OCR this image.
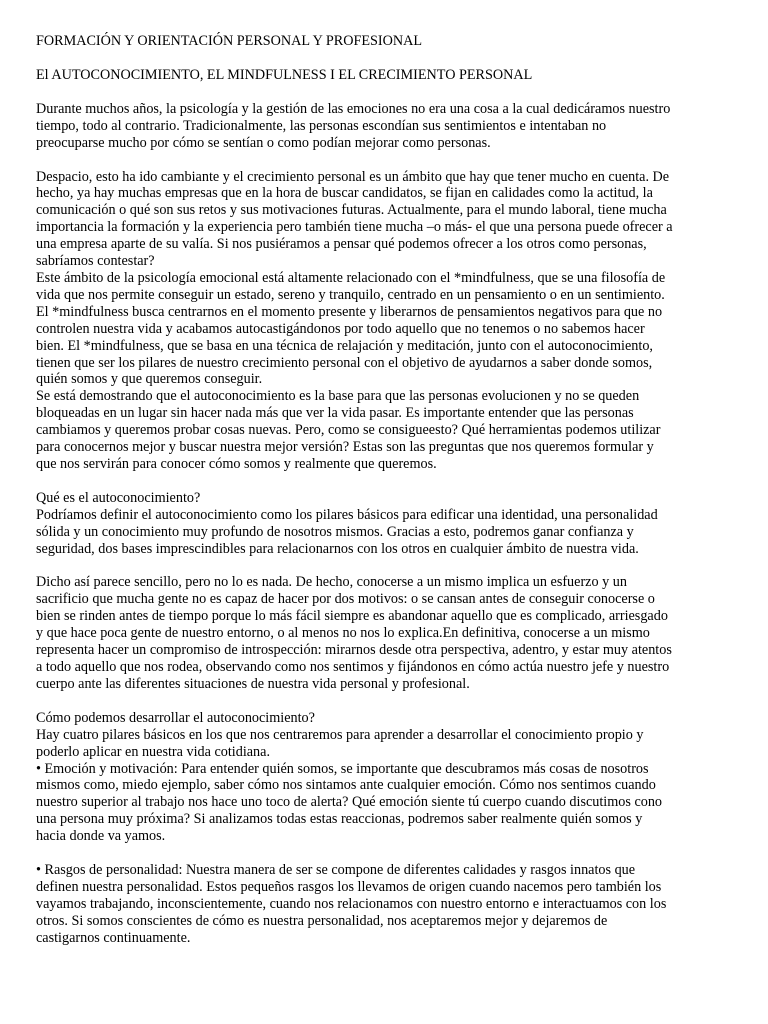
FORMACIÓN Y ORIENTACIÓN PERSONAL Y PROFESIONAL
El AUTOCONOCIMIENTO, EL MINDFULNESS I EL CRECIMIENTO PERSONAL
Durante muchos años, la psicología y la gestión de las emociones no era una cosa a la cual dedicáramos nuestro
tiempo, todo al contrario. Tradicionalmente, las personas escondían sus sentimientos e intentaban no
preocuparse mucho por cómo se sentían o como podían mejorar como personas.
Despacio, esto ha ido cambiante y el crecimiento personal es un ámbito que hay que tener mucho en cuenta. De
hecho, ya hay muchas empresas que en la hora de buscar candidatos, se fijan en calidades como la actitud, la
comunicación o qué son sus retos y sus motivaciones futuras. Actualmente, para el mundo laboral, tiene mucha
importancia la formación y la experiencia pero también tiene mucha –o más- el que una persona puede ofrecer a
una empresa aparte de su valía. Si nos pusiéramos a pensar qué podemos ofrecer a los otros como personas,
sabríamos contestar?
Este ámbito de la psicología emocional está altamente relacionado con el *mindfulness, que se una filosofía de
vida que nos permite conseguir un estado, sereno y tranquilo, centrado en un pensamiento o en un sentimiento.
El *mindfulness busca centrarnos en el momento presente y liberarnos de pensamientos negativos para que no
controlen nuestra vida y acabamos autocastigándonos por todo aquello que no tenemos o no sabemos hacer
bien. El *mindfulness, que se basa en una técnica de relajación y meditación, junto con el autoconocimiento,
tienen que ser los pilares de nuestro crecimiento personal con el objetivo de ayudarnos a saber donde somos,
quién somos y que queremos conseguir.
Se está demostrando que el autoconocimiento es la base para que las personas evolucionen y no se queden
bloqueadas en un lugar sin hacer nada más que ver la vida pasar. Es importante entender que las personas
cambiamos y queremos probar cosas nuevas. Pero, como se consigueesto? Qué herramientas podemos utilizar
para conocernos mejor y buscar nuestra mejor versión? Estas son las preguntas que nos queremos formular y
que nos servirán para conocer cómo somos y realmente que queremos.
Qué es el autoconocimiento?
Podríamos definir el autoconocimiento como los pilares básicos para edificar una identidad, una personalidad
sólida y un conocimiento muy profundo de nosotros mismos. Gracias a esto, podremos ganar confianza y
seguridad, dos bases imprescindibles para relacionarnos con los otros en cualquier ámbito de nuestra vida.
Dicho así parece sencillo, pero no lo es nada. De hecho, conocerse a un mismo implica un esfuerzo y un
sacrificio que mucha gente no es capaz de hacer por dos motivos: o se cansan antes de conseguir conocerse o
bien se rinden antes de tiempo porque lo más fácil siempre es abandonar aquello que es complicado, arriesgado
y que hace poca gente de nuestro entorno, o al menos no nos lo explica.En definitiva, conocerse a un mismo
representa hacer un compromiso de introspección: mirarnos desde otra perspectiva, adentro, y estar muy atentos
a todo aquello que nos rodea, observando como nos sentimos y fijándonos en cómo actúa nuestro jefe y nuestro
cuerpo ante las diferentes situaciones de nuestra vida personal y profesional.
Cómo podemos desarrollar el autoconocimiento?
Hay cuatro pilares básicos en los que nos centraremos para aprender a desarrollar el conocimiento propio y
poderlo aplicar en nuestra vida cotidiana.
• Emoción y motivación: Para entender quién somos, se importante que descubramos más cosas de nosotros
mismos como, miedo ejemplo, saber cómo nos sintamos ante cualquier emoción. Cómo nos sentimos cuando
nuestro superior al trabajo nos hace uno toco de alerta? Qué emoción siente tú cuerpo cuando discutimos cono
una persona muy próxima? Si analizamos todas estas reaccionas, podremos saber realmente quién somos y
hacia donde va yamos.
• Rasgos de personalidad: Nuestra manera de ser se compone de diferentes calidades y rasgos innatos que
definen nuestra personalidad. Estos pequeños rasgos los llevamos de origen cuando nacemos pero también los
vayamos trabajando, inconscientemente, cuando nos relacionamos con nuestro entorno e interactuamos con los
otros. Si somos conscientes de cómo es nuestra personalidad, nos aceptaremos mejor y dejaremos de
castigarnos continuamente.
